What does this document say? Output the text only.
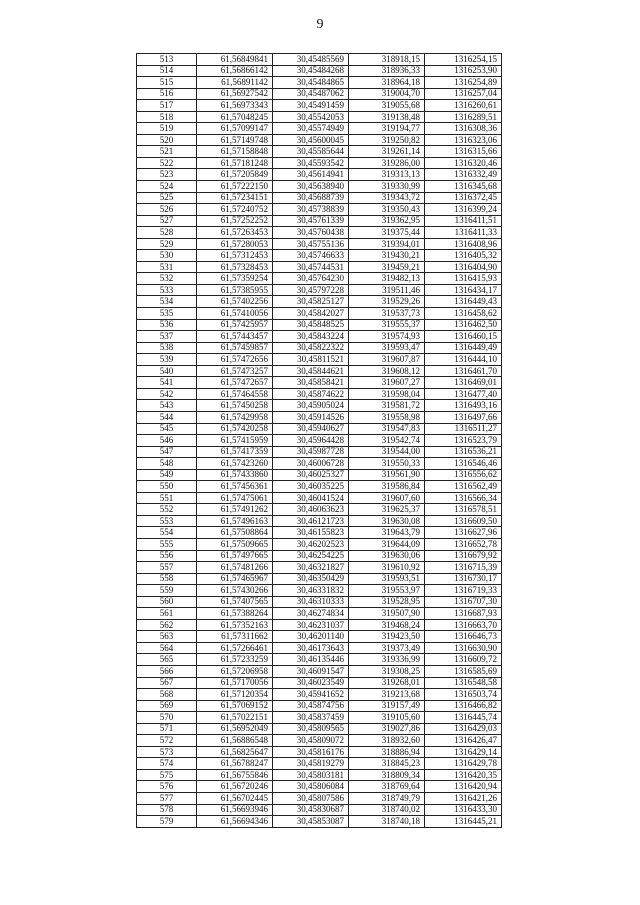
9
513	61,56849841	30,45485569	318918,15	1316254,15
514	61,56866142	30,45484268	318936,33	1316253,90
515	61,56891142	30,45484865	318964,18	1316254,89
516	61,56927542	30,45487062	319004,70	1316257,04
517	61,56973343	30,45491459	319055,68	1316260,61
518	61,57048245	30,45542053	319138,48	1316289,51
519	61,57099147	30,45574949	319194,77	1316308,36
520	61,57149748	30,45600045	319250,82	1316323,06
521	61,57158848	30,45585644	319261,14	1316315,66
522	61,57181248	30,45593542	319286,00	1316320,46
523	61,57205849	30,45614941	319313,13	1316332,49
524	61,57222150	30,45638940	319330,99	1316345,68
525	61,57234151	30,45688739	319343,72	1316372,45
526	61,57240752	30,45738839	319350,43	1316399,24
527	61,57252252	30,45761339	319362,95	1316411,51
528	61,57263453	30,45760438	319375,44	1316411,33
529	61,57280053	30,45755136	319394,01	1316408,96
530	61,57312453	30,45746633	319430,21	1316405,32
531	61,57328453	30,45744531	319459,21	1316404,90
532	61,57359254	30,45764230	319482,13	1316415,93
533	61,57385955	30,45797228	319511,46	1316434,17
534	61,57402256	30,45825127	319529,26	1316449,43
535	61,57410056	30,45842027	319537,73	1316458,62
536	61,57425957	30,45848525	319555,37	1316462,50
537	61,57443457	30,45843224	319574,93	1316460,15
538	61,57459857	30,45822322	319593,47	1316449,49
539	61,57472656	30,45811521	319607,87	1316444,10
540	61,57473257	30,45844621	319608,12	1316461,70
541	61,57472657	30,45858421	319607,27	1316469,01
542	61,57464558	30,45874622	319598,04	1316477,40
543	61,57450258	30,45905024	319581,72	1316493,16
544	61,57429958	30,45914526	319558,98	1316497,66
545	61,57420258	30,45940627	319547,83	1316511,27
546	61,57415959	30,45964428	319542,74	1316523,79
547	61,57417359	30,45987728	319544,00	1316536,21
548	61,57423260	30,46006728	319550,33	1316546,46
549	61,57433860	30,46025327	319561,90	1316556,62
550	61,57456361	30,46035225	319586,84	1316562,49
551	61,57475061	30,46041524	319607,60	1316566,34
552	61,57491262	30,46063623	319625,37	1316578,51
553	61,57496163	30,46121723	319630,08	1316609,50
554	61,57508864	30,46155823	319643,79	1316627,96
555	61,57509665	30,46202523	319644,09	1316652,78
556	61,57497665	30,46254225	319630,06	1316679,92
557	61,57481266	30,46321827	319610,92	1316715,39
558	61,57465967	30,46350429	319593,51	1316730,17
559	61,57430266	30,46331832	319553,97	1316719,33
560	61,57407565	30,46310333	319528,95	1316707,30
561	61,57388264	30,46274834	319507,90	1316687,93
562	61,57352163	30,46231037	319468,24	1316663,70
563	61,57311662	30,46201140	319423,50	1316646,73
564	61,57266461	30,46173643	319373,49	1316630,90
565	61,57233259	30,46135446	319336,99	1316609,72
566	61,57206958	30,46091547	319308,25	1316585,69
567	61,57170056	30,46023549	319268,01	1316548,58
568	61,57120354	30,45941652	319213,68	1316503,74
569	61,57069152	30,45874756	319157,49	1316466,82
570	61,57022151	30,45837459	319105,60	1316445,74
571	61,56952049	30,45809565	319027,86	1316429,03
572	61,56886548	30,45809072	318932,60	1316426,47
573	61,56825647	30,45816176	318886,94	1316429,14
574	61,56788247	30,45819279	318845,23	1316429,78
575	61,56755846	30,45803181	318809,34	1316420,35
576	61,56720246	30,45806084	318769,64	1316420,94
577	61,56702445	30,45807586	318749,79	1316421,26
578	61,56693946	30,45830687	318740,02	1316433,30
579	61,56694346	30,45853087	318740,18	1316445,21
